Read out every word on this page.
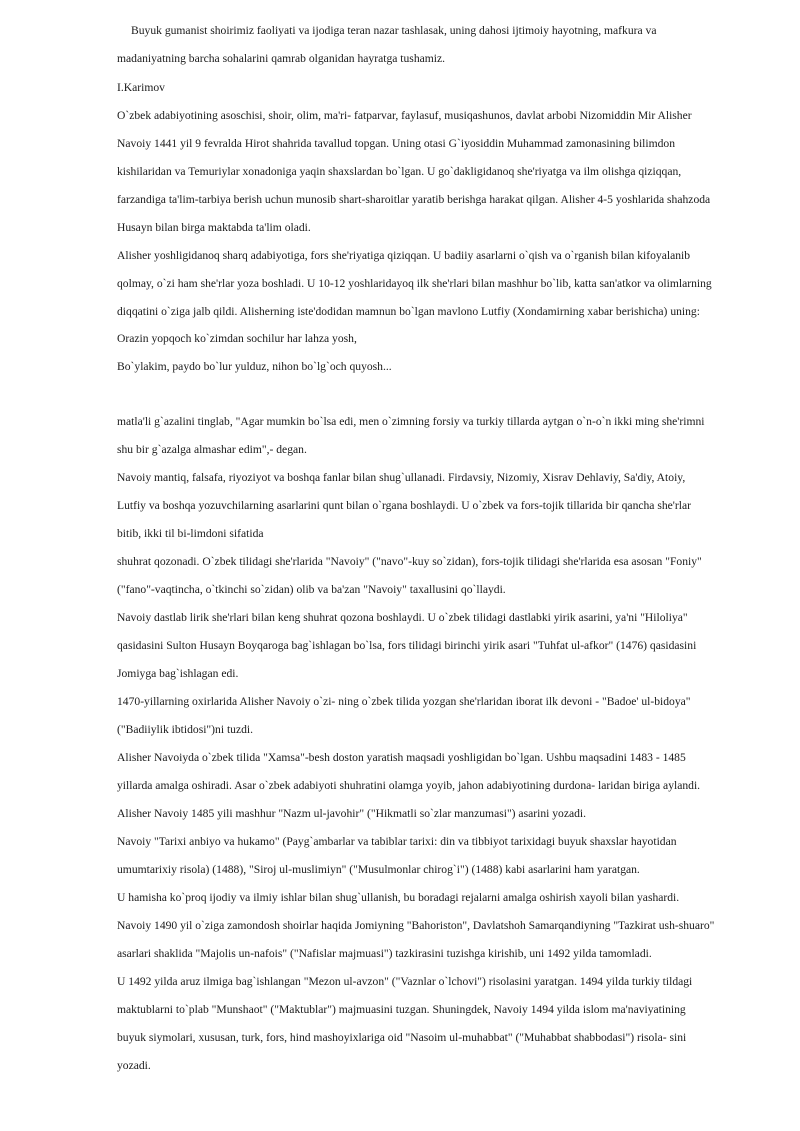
Buyuk gumanist shoirimiz faoliyati va ijodiga teran nazar tashlasak, uning dahosi ijtimoiy hayotning, mafkura va
madaniyatning barcha sohalarini qamrab olganidan hayratga tushamiz.
I.Karimov
O`zbek adabiyotining asoschisi, shoir, olim, ma'ri- fatparvar, faylasuf, musiqashunos, davlat arbobi Nizomiddin Mir Alisher
Navoiy 1441 yil 9 fevralda Hirot shahrida tavallud topgan. Uning otasi G`iyosiddin Muhammad zamonasining bilimdon
kishilaridan va Temuriylar xonadoniga yaqin shaxslardan bo`lgan. U go`dakligidanoq she'riyatga va ilm olishga qiziqqan,
farzandiga ta'lim-tarbiya berish uchun munosib shart-sharoitlar yaratib berishga harakat qilgan. Alisher 4-5 yoshlarida shahzoda
Husayn bilan birga maktabda ta'lim oladi.
Alisher yoshligidanoq sharq adabiyotiga, fors she'riyatiga qiziqqan. U badiiy asarlarni o`qish va o`rganish bilan kifoyalanib
qolmay, o`zi ham she'rlar yoza boshladi. U 10-12 yoshlaridayoq ilk she'rlari bilan mashhur bo`lib, katta san'atkor va olimlarning
diqqatini o`ziga jalb qildi. Alisherning iste'dodidan mamnun bo`lgan mavlono Lutfiy (Xondamirning xabar berishicha) uning:
Orazin yopqoch ko`zimdan sochilur har lahza yosh,
Bo`ylakim, paydo bo`lur yulduz, nihon bo`lg`och quyosh...
matla'li g`azalini tinglab, "Agar mumkin bo`lsa edi, men o`zimning forsiy va turkiy tillarda aytgan o`n-o`n ikki ming she'rimni
shu bir g`azalga almashar edim",- degan.
Navoiy mantiq, falsafa, riyoziyot va boshqa fanlar bilan shug`ullanadi. Firdavsiy, Nizomiy, Xisrav Dehlaviy, Sa'diy, Atoiy,
Lutfiy va boshqa yozuvchilarning asarlarini qunt bilan o`rgana boshlaydi. U o`zbek va fors-tojik tillarida bir qancha she'rlar
bitib, ikki til bi-limdoni sifatida
shuhrat qozonadi. O`zbek tilidagi she'rlarida "Navoiy" ("navo"-kuy so`zidan), fors-tojik tilidagi she'rlarida esa asosan "Foniy"
("fano"-vaqtincha, o`tkinchi so`zidan) olib va ba'zan "Navoiy" taxallusini qo`llaydi.
Navoiy dastlab lirik she'rlari bilan keng shuhrat qozona boshlaydi. U o`zbek tilidagi dastlabki yirik asarini, ya'ni "Hiloliya"
qasidasini Sulton Husayn Boyqaroga bag`ishlagan bo`lsa, fors tilidagi birinchi yirik asari "Tuhfat ul-afkor" (1476) qasidasini
Jomiyga bag`ishlagan edi.
1470-yillarning oxirlarida Alisher Navoiy o`zi- ning o`zbek tilida yozgan she'rlaridan iborat ilk devoni - "Badoe' ul-bidoya"
("Badiiylik ibtidosi")ni tuzdi.
Alisher Navoiyda o`zbek tilida "Xamsa"-besh doston yaratish maqsadi yoshligidan bo`lgan. Ushbu maqsadini 1483 - 1485
yillarda amalga oshiradi. Asar o`zbek adabiyoti shuhratini olamga yoyib, jahon adabiyotining durdona- laridan biriga aylandi.
Alisher Navoiy 1485 yili mashhur "Nazm ul-javohir" ("Hikmatli so`zlar manzumasi") asarini yozadi.
Navoiy "Tarixi anbiyo va hukamo" (Payg`ambarlar va tabiblar tarixi: din va tibbiyot tarixidagi buyuk shaxslar hayotidan
umumtarixiy risola) (1488), "Siroj ul-muslimiyn" ("Musulmonlar chirog`i") (1488) kabi asarlarini ham yaratgan.
U hamisha ko`proq ijodiy va ilmiy ishlar bilan shug`ullanish, bu boradagi rejalarni amalga oshirish xayoli bilan yashardi.
Navoiy 1490 yil o`ziga zamondosh shoirlar haqida Jomiyning "Bahoriston", Davlatshoh Samarqandiyning "Tazkirat ush-shuaro"
asarlari shaklida "Majolis un-nafois" ("Nafislar majmuasi") tazkirasini tuzishga kirishib, uni 1492 yilda tamomladi.
U 1492 yilda aruz ilmiga bag`ishlangan "Mezon ul-avzon" ("Vaznlar o`lchovi") risolasini yaratgan. 1494 yilda turkiy tildagi
maktublarni to`plab "Munshaot" ("Maktublar") majmuasini tuzgan. Shuningdek, Navoiy 1494 yilda islom ma'naviyatining
buyuk siymolari, xususan, turk, fors, hind mashoyixlariga oid "Nasoim ul-muhabbat" ("Muhabbat shabbodasi") risola- sini
yozadi.
